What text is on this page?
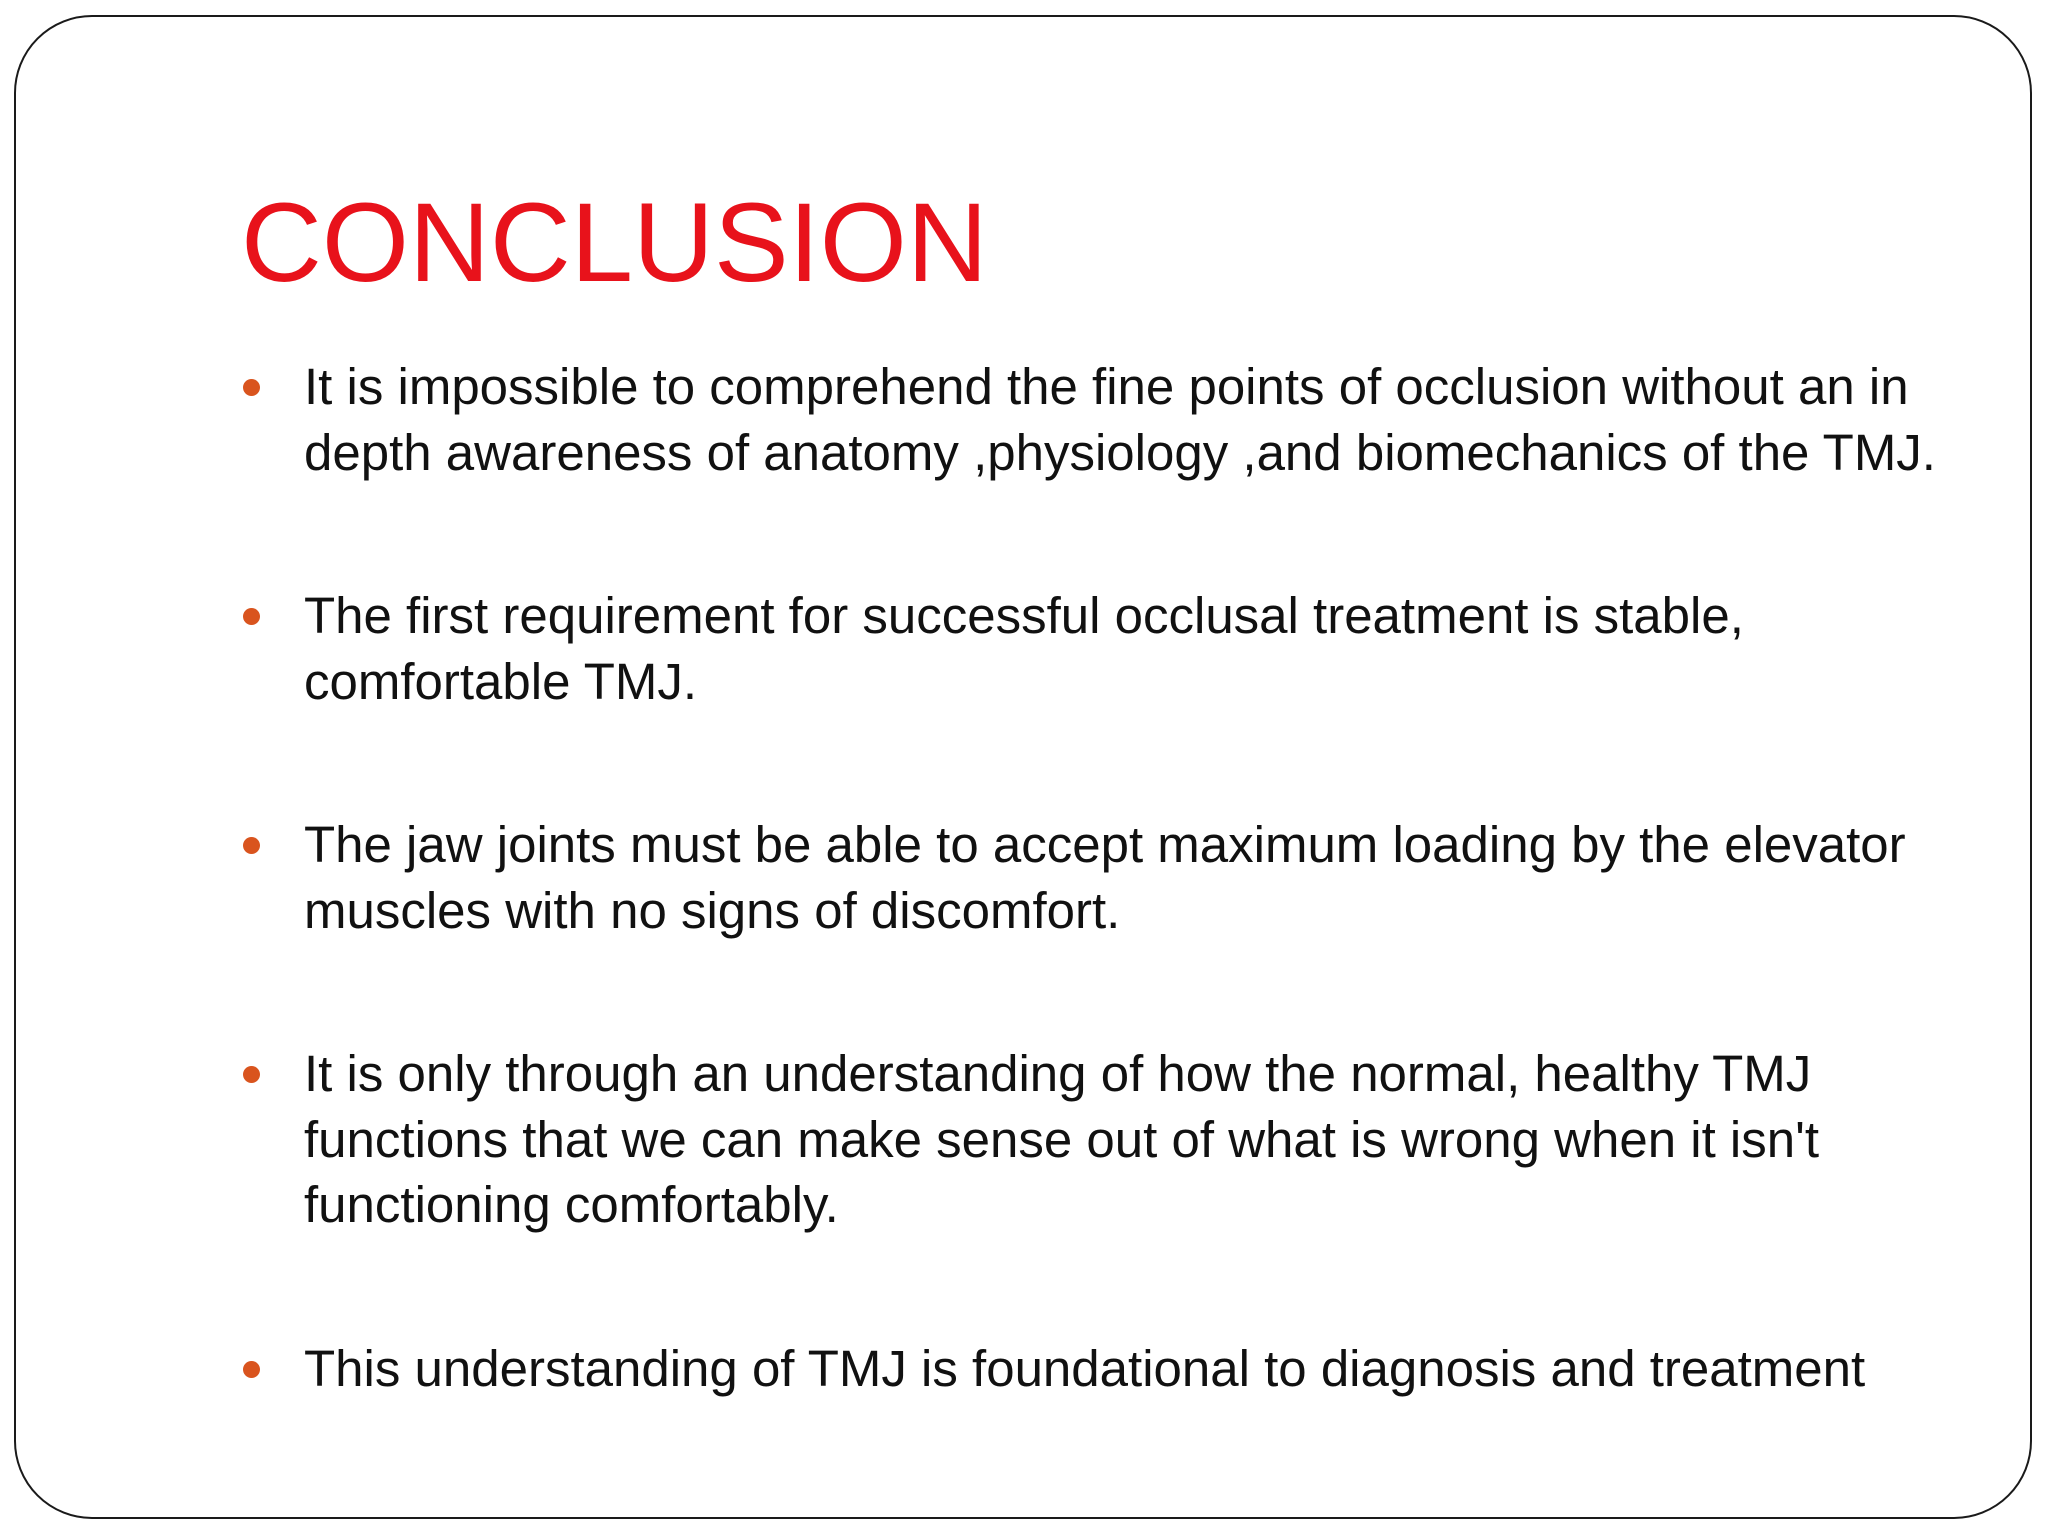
CONCLUSION
It is impossible to comprehend the fine points of occlusion without an in depth awareness of anatomy ,physiology ,and biomechanics of the TMJ.
The first requirement for successful occlusal treatment is stable, comfortable TMJ.
The jaw joints must be able to accept maximum loading by the elevator muscles with no signs of discomfort.
It is only through an understanding of how the normal, healthy TMJ functions that we can make sense out of what is wrong when it isn't functioning comfortably.
This understanding of TMJ is foundational to diagnosis and treatment
